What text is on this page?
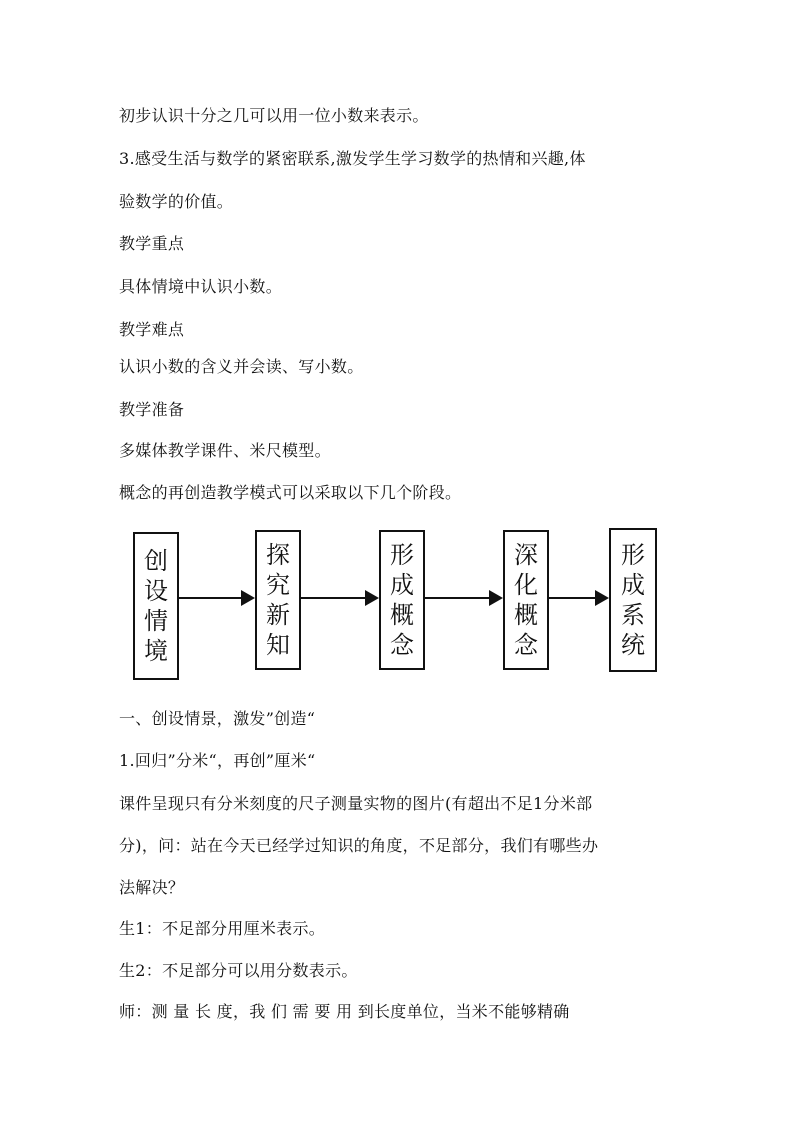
初步认识十分之几可以用一位小数来表示。
3.感受生活与数学的紧密联系,激发学生学习数学的热情和兴趣,体
验数学的价值。
教学重点
具体情境中认识小数。
教学难点
认识小数的含义并会读、写小数。
教学准备
多媒体教学课件、米尺模型。
概念的再创造教学模式可以采取以下几个阶段。
创
设
情
境
探
究
新
知
形
成
概
念
深
化
概
念
形
成
系
统
一、创设情景，激发”创造“
1.回归”分米“，再创”厘米“
课件呈现只有分米刻度的尺子测量实物的图片(有超出不足1分米部
分)，问：站在今天已经学过知识的角度，不足部分，我们有哪些办
法解决？
生1：不足部分用厘米表示。
生2：不足部分可以用分数表示。
师：测 量 长 度，我 们 需 要 用 到长度单位，当米不能够精确
